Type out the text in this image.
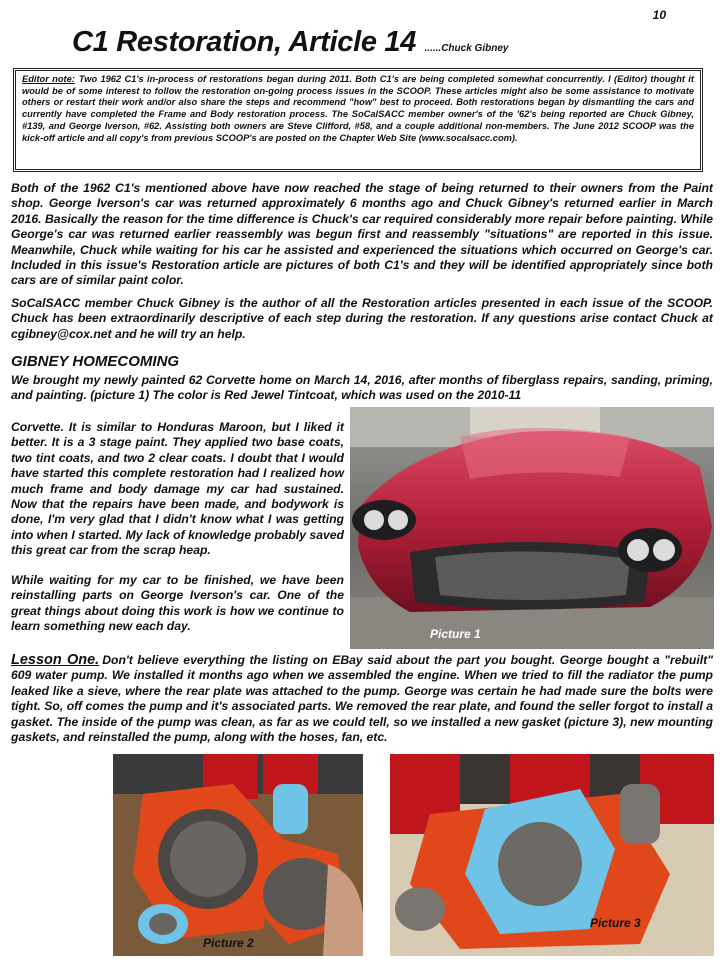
10
C1 Restoration, Article 14 ......Chuck Gibney
Editor note: Two 1962 C1's in-process of restorations began during 2011. Both C1's are being completed somewhat concurrently. I (Editor) thought it would be of some interest to follow the restoration on-going process issues in the SCOOP. These articles might also be some assistance to motivate others or restart their work and/or also share the steps and recommend "how" best to proceed. Both restorations began by dismantling the cars and currently have completed the Frame and Body restoration process. The SoCalSACC member owner's of the '62's being reported are Chuck Gibney, #139, and George Iverson, #62. Assisting both owners are Steve Clifford, #58, and a couple additional non-members. The June 2012 SCOOP was the kick-off article and all copy's from previous SCOOP's are posted on the Chapter Web Site (www.socalsacc.com).

Both of the 1962 C1's mentioned above have now reached the stage of being returned to their owners from the Paint shop. George Iverson's car was returned approximately 6 months ago and Chuck Gibney's returned earlier in March 2016. Basically the reason for the time difference is Chuck's car required considerably more repair before painting. While George's car was returned earlier reassembly was begun first and reassembly "situations" are reported in this issue. Meanwhile, Chuck while waiting for his car he assisted and experienced the situations which occurred on George's car. Included in this issue's Restoration article are pictures of both C1's and they will be identified appropriately since both cars are of similar paint color.

SoCalSACC member Chuck Gibney is the author of all the Restoration articles presented in each issue of the SCOOP. Chuck has been extraordinarily descriptive of each step during the restoration. If any questions arise contact Chuck at cgibney@cox.net and he will try an help.

GIBNEY HOMECOMING

We brought my newly painted 62 Corvette home on March 14, 2016, after months of fiberglass repairs, sanding, priming, and painting. (picture 1) The color is Red Jewel Tintcoat, which was used on the 2010-11

Corvette. It is similar to Honduras Maroon, but I liked it better. It is a 3 stage paint. They applied two base coats, two tint coats, and two 2 clear coats. I doubt that I would have started this complete restoration had I realized how much frame and body damage my car had sustained. Now that the repairs have been made, and bodywork is done, I'm very glad that I didn't know what I was getting into when I started. My lack of knowledge probably saved this great car from the scrap heap.

While waiting for my car to be finished, we have been reinstalling parts on George Iverson's car. One of the great things about doing this work is how we continue to learn something new each day.

Picture 1

Lesson One. Don't believe everything the listing on EBay said about the part you bought. George bought a "rebuilt" 609 water pump. We installed it months ago when we assembled the engine. When we tried to fill the radiator the pump leaked like a sieve, where the rear plate was attached to the pump. George was certain he had made sure the bolts were tight. So, off comes the pump and it's associated parts. We removed the rear plate, and found the seller forgot to install a gasket. The inside of the pump was clean, as far as we could tell, so we installed a new gasket (picture 3), new mounting gaskets, and reinstalled the pump, along with the hoses, fan, etc.

Picture 2
Picture 3
